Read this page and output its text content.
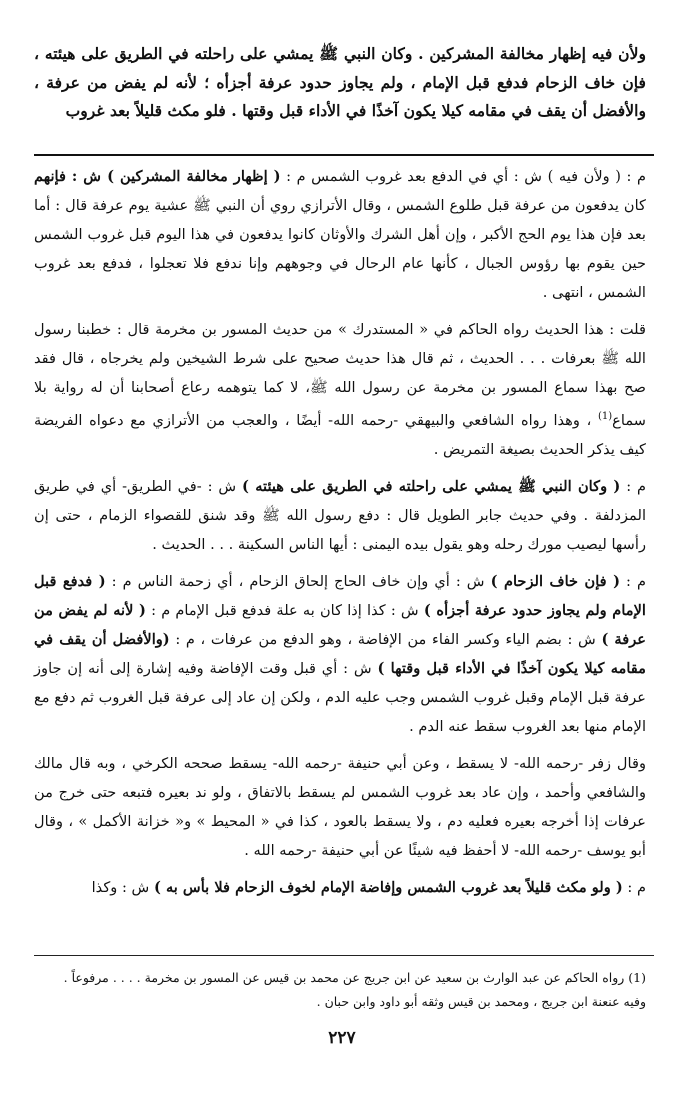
ولأن فيه إظهار مخالفة المشركين . وكان النبي ﷺ يمشي على راحلته في الطريق على هيئته ، فإن خاف الزحام فدفع قبل الإمام ، ولم يجاوز حدود عرفة أجزأه ؛ لأنه لم يفض من عرفة ، والأفضل أن يقف في مقامه كيلا يكون آخذًا في الأداء قبل وقتها . فلو مكث قليلاً بعد غروب

م : ( ولأن فيه ) ش : أي في الدفع بعد غروب الشمس م : ( إظهار مخالفة المشركين ) ش : فإنهم كان يدفعون من عرفة قبل طلوع الشمس ، وقال الأترازي روي أن النبي ﷺ عشية يوم عرفة قال : أما بعد فإن هذا يوم الحج الأكبر ، وإن أهل الشرك والأوثان كانوا يدفعون في هذا اليوم قبل غروب الشمس حين يقوم بها رؤوس الجبال ، كأنها عام الرحال في وجوههم وإنا ندفع فلا تعجلوا ، فدفع بعد غروب الشمس ، انتهى .

قلت : هذا الحديث رواه الحاكم في « المستدرك » من حديث المسور بن مخرمة قال : خطبنا رسول الله ﷺ بعرفات . . . الحديث ، ثم قال هذا حديث صحيح على شرط الشيخين ولم يخرجاه ، قال فقد صح بهذا سماع المسور بن مخرمة عن رسول الله ﷺ، لا كما يتوهمه رعاع أصحابنا أن له رواية بلا سماع$^{(1)}$ ، وهذا رواه الشافعي والبيهقي -رحمه الله- أيضًا ، والعجب من الأترازي مع دعواه الفريضة كيف يذكر الحديث بصيغة التمريض .

م : ( وكان النبي ﷺ يمشي على راحلته في الطريق على هيئته ) ش : -في الطريق- أي في طريق المزدلفة . وفي حديث جابر الطويل قال : دفع رسول الله ﷺ وقد شنق للقصواء الزمام ، حتى إن رأسها ليصيب مورك رحله وهو يقول بيده اليمنى : أيها الناس السكينة . . . الحديث .

م : ( فإن خاف الزحام ) ش : أي وإن خاف الحاج إلحاق الزحام ، أي زحمة الناس م : ( فدفع قبل الإمام ولم يجاوز حدود عرفة أجزأه ) ش : كذا إذا كان به علة فدفع قبل الإمام م : ( لأنه لم يفض من عرفة ) ش : بضم الياء وكسر الفاء من الإفاضة ، وهو الدفع من عرفات ، م : (والأفضل أن يقف في مقامه كيلا يكون آخذًا في الأداء قبل وقتها ) ش : أي قبل وقت الإفاضة وفيه إشارة إلى أنه إن جاوز عرفة قبل الإمام وقبل غروب الشمس وجب عليه الدم ، ولكن إن عاد إلى عرفة قبل الغروب ثم دفع مع الإمام منها بعد الغروب سقط عنه الدم .

وقال زفر -رحمه الله- لا يسقط ، وعن أبي حنيفة -رحمه الله- يسقط صححه الكرخي ، وبه قال مالك والشافعي وأحمد ، وإن عاد بعد غروب الشمس لم يسقط بالاتفاق ، ولو ند بعيره فتبعه حتى خرج من عرفات إذا أخرجه بعيره فعليه دم ، ولا يسقط بالعود ، كذا في « المحيط » و« خزانة الأكمل » ، وقال أبو يوسف -رحمه الله- لا أحفظ فيه شيئًا عن أبي حنيفة -رحمه الله .

م : ( ولو مكث قليلاً بعد غروب الشمس وإفاضة الإمام لخوف الزحام فلا بأس به ) ش : وكذا

(1) رواه الحاكم عن عبد الوارث بن سعيد عن ابن جريج عن محمد بن قيس عن المسور بن مخرمة . . . . مرفوعاً .

وفيه عنعنة ابن جريج ، ومحمد بن قيس وثقه أبو داود وابن حبان .

٢٢٧
